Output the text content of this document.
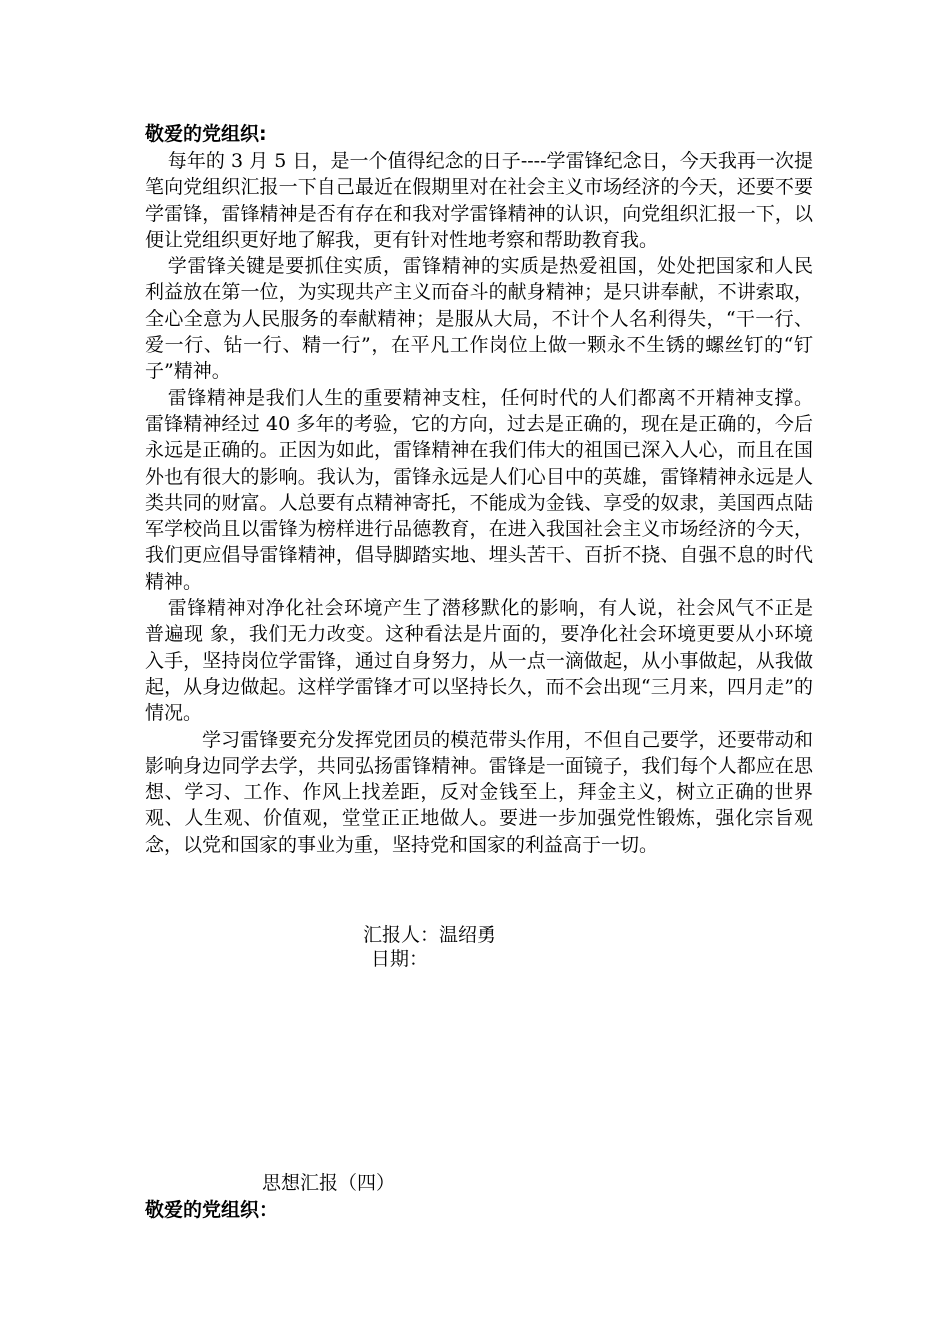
敬爱的党组织:

每年的 3 月 5 日，是一个值得纪念的日子----学雷锋纪念日，今天我再一次提笔向党组织汇报一下自己最近在假期里对在社会主义市场经济的今天，还要不要学雷锋，雷锋精神是否有存在和我对学雷锋精神的认识，向党组织汇报一下，以便让党组织更好地了解我，更有针对性地考察和帮助教育我。

学雷锋关键是要抓住实质，雷锋精神的实质是热爱祖国，处处把国家和人民利益放在第一位，为实现共产主义而奋斗的献身精神；是只讲奉献，不讲索取，全心全意为人民服务的奉献精神；是服从大局，不计个人名利得失，“干一行、爱一行、钻一行、精一行”，在平凡工作岗位上做一颗永不生锈的螺丝钉的“钉子”精神。

雷锋精神是我们人生的重要精神支柱，任何时代的人们都离不开精神支撑。雷锋精神经过 40 多年的考验，它的方向，过去是正确的，现在是正确的，今后永远是正确的。正因为如此，雷锋精神在我们伟大的祖国已深入人心，而且在国外也有很大的影响。我认为，雷锋永远是人们心目中的英雄，雷锋精神永远是人类共同的财富。人总要有点精神寄托，不能成为金钱、享受的奴隶，美国西点陆军学校尚且以雷锋为榜样进行品德教育，在进入我国社会主义市场经济的今天，我们更应倡导雷锋精神，倡导脚踏实地、埋头苦干、百折不挠、自强不息的时代精神。

雷锋精神对净化社会环境产生了潜移默化的影响，有人说，社会风气不正是普遍现 象，我们无力改变。这种看法是片面的，要净化社会环境更要从小环境入手，坚持岗位学雷锋，通过自身努力，从一点一滴做起，从小事做起，从我做起，从身边做起。这样学雷锋才可以坚持长久，而不会出现“三月来，四月走”的情况。

学习雷锋要充分发挥党团员的模范带头作用，不但自己要学，还要带动和影响身边同学去学，共同弘扬雷锋精神。雷锋是一面镜子，我们每个人都应在思想、学习、工作、作风上找差距，反对金钱至上，拜金主义，树立正确的世界观、人生观、价值观，堂堂正正地做人。要进一步加强党性锻炼，强化宗旨观念，以党和国家的事业为重，坚持党和国家的利益高于一切。

汇报人：温绍勇
日期：
思想汇报（四）
敬爱的党组织：
